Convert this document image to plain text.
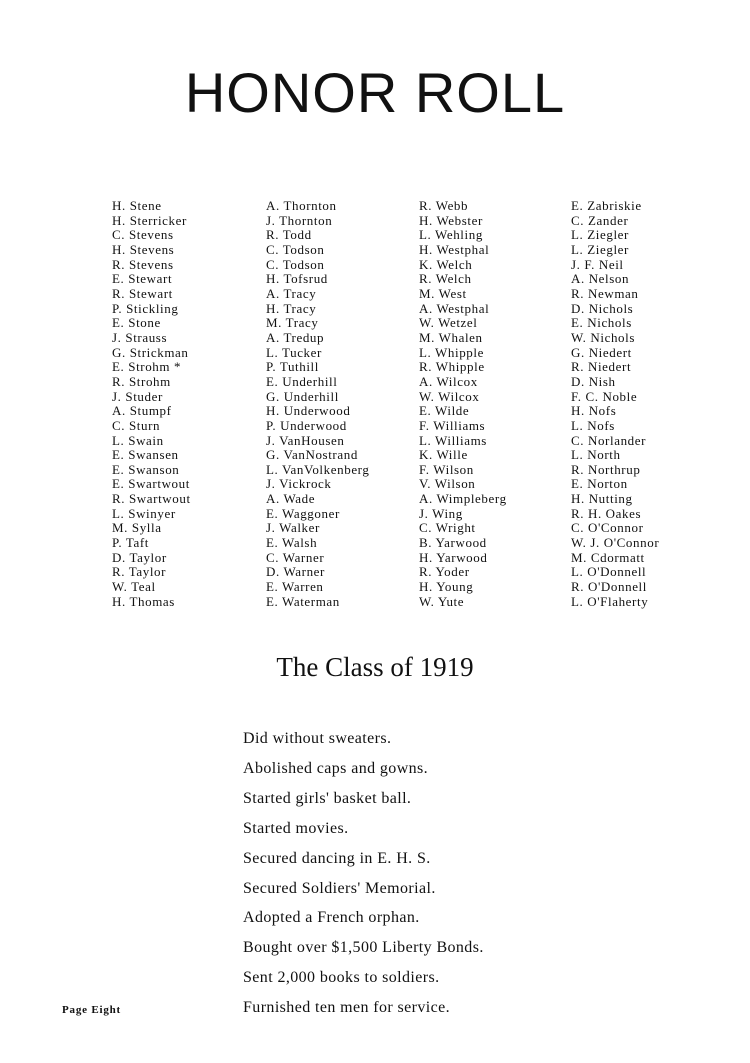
HONOR ROLL
H. Stene
H. Sterricker
C. Stevens
H. Stevens
R. Stevens
E. Stewart
R. Stewart
P. Stickling
E. Stone
J. Strauss
G. Strickman
E. Strohm *
R. Strohm
J. Studer
A. Stumpf
C. Sturn
L. Swain
E. Swansen
E. Swanson
E. Swartwout
R. Swartwout
L. Swinyer
M. Sylla
P. Taft
D. Taylor
R. Taylor
W. Teal
H. Thomas
A. Thornton
J. Thornton
R. Todd
C. Todson
C. Todson
H. Tofsrud
A. Tracy
H. Tracy
M. Tracy
A. Tredup
L. Tucker
P. Tuthill
E. Underhill
G. Underhill
H. Underwood
P. Underwood
J. VanHousen
G. VanNostrand
L. VanVolkenberg
J. Vickrock
A. Wade
E. Waggoner
J. Walker
E. Walsh
C. Warner
D. Warner
E. Warren
E. Waterman
R. Webb
H. Webster
L. Wehling
H. Westphal
K. Welch
R. Welch
M. West
A. Westphal
W. Wetzel
M. Whalen
L. Whipple
R. Whipple
A. Wilcox
W. Wilcox
E. Wilde
F. Williams
L. Williams
K. Wille
F. Wilson
V. Wilson
A. Wimpleberg
J. Wing
C. Wright
B. Yarwood
H. Yarwood
R. Yoder
H. Young
W. Yute
E. Zabriskie
C. Zander
L. Ziegler
L. Ziegler
J. F. Neil
A. Nelson
R. Newman
D. Nichols
E. Nichols
W. Nichols
G. Niedert
R. Niedert
D. Nish
F. C. Noble
H. Nofs
L. Nofs
C. Norlander
L. North
R. Northrup
E. Norton
H. Nutting
R. H. Oakes
C. O'Connor
W. J. O'Connor
M. Cdormatt
L. O'Donnell
R. O'Donnell
L. O'Flaherty
The Class of 1919
Did without sweaters.
Abolished caps and gowns.
Started girls' basket ball.
Started movies.
Secured dancing in E. H. S.
Secured Soldiers' Memorial.
Adopted a French orphan.
Bought over $1,500 Liberty Bonds.
Sent 2,000 books to soldiers.
Furnished ten men for service.
Page Eight
